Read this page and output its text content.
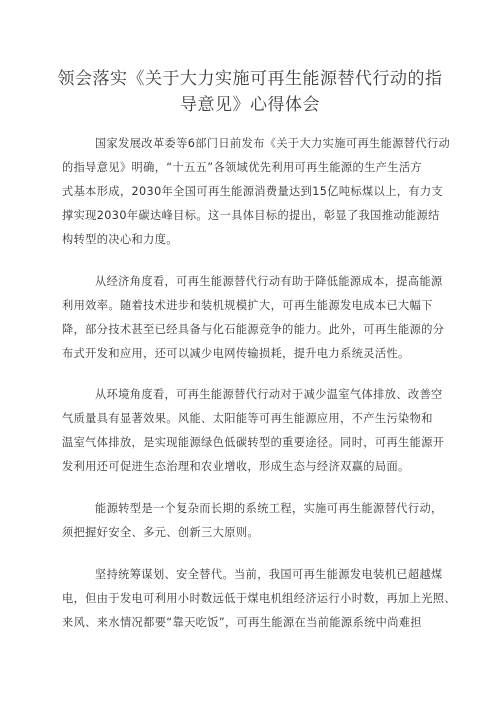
领会落实《关于大力实施可再生能源替代行动的指
导意见》心得体会
国家发展改革委等6部门日前发布《关于大力实施可再生能源替代行动
的指导意见》明确，“十五五”各领域优先利用可再生能源的生产生活方
式基本形成，2030年全国可再生能源消费量达到15亿吨标煤以上，有力支
撑实现2030年碳达峰目标。这一具体目标的提出，彰显了我国推动能源结
构转型的决心和力度。
从经济角度看，可再生能源替代行动有助于降低能源成本，提高能源
利用效率。随着技术进步和装机规模扩大，可再生能源发电成本已大幅下
降，部分技术甚至已经具备与化石能源竞争的能力。此外，可再生能源的分
布式开发和应用，还可以减少电网传输损耗，提升电力系统灵活性。
从环境角度看，可再生能源替代行动对于减少温室气体排放、改善空
气质量具有显著效果。风能、太阳能等可再生能源应用，不产生污染物和
温室气体排放，是实现能源绿色低碳转型的重要途径。同时，可再生能源开
发利用还可促进生态治理和农业增收，形成生态与经济双赢的局面。
能源转型是一个复杂而长期的系统工程，实施可再生能源替代行动，
须把握好安全、多元、创新三大原则。
坚持统筹谋划、安全替代。当前，我国可再生能源发电装机已超越煤
电，但由于发电可利用小时数远低于煤电机组经济运行小时数，再加上光照、
来风、来水情况都要“靠天吃饭”，可再生能源在当前能源系统中尚难担
